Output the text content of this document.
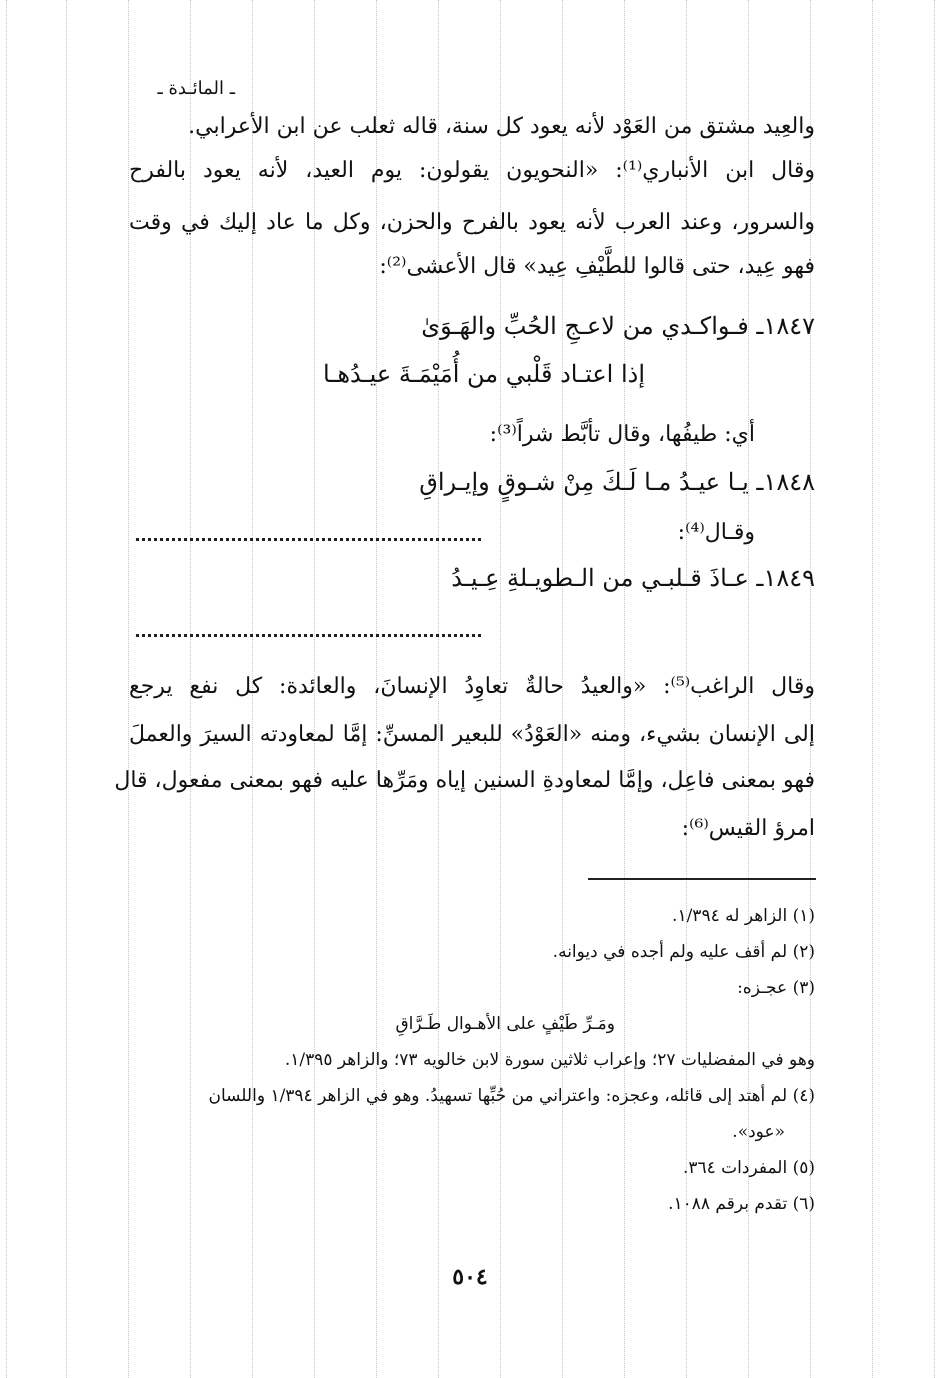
ـ المائـدة ـ
والعِيد مشتق من العَوْد لأنه يعود كل سنة، قاله ثعلب عن ابن الأعرابي.
وقال ابن الأنباري⁽¹⁾: «النحويون يقولون: يوم العيد، لأنه يعود بالفرح
والسرور، وعند العرب لأنه يعود بالفرح والحزن، وكل ما عاد إليك في وقت
فهو عِيد، حتى قالوا للطَّيْفِ عِيد» قال الأعشى⁽²⁾:
١٨٤٧ـ فـواكـدي من لاعـجِ الحُبِّ والهَـوَىٰ
إذا اعتـاد قَلْبي من أُمَيْمَـةَ عيـدُهـا
أي: طيفُها، وقال تأبَّط شراً⁽³⁾:
١٨٤٨ـ يـا عيـدُ مـا لَـكَ مِنْ شـوقٍ وإيـراقِ
وقـال⁽⁴⁾:
١٨٤٩ـ عـاذَ قـلبـي من الـطويـلةِ عِـيـدُ
وقال الراغب⁽⁵⁾: «والعيدُ حالةٌ تعاوِدُ الإنسانَ، والعائدة: كل نفع يرجع
إلى الإنسان بشيء، ومنه «العَوْدُ» للبعير المسنِّ: إمَّا لمعاودته السيرَ والعملَ
فهو بمعنى فاعِل، وإمَّا لمعاودةِ السنين إياه ومَرِّها عليه فهو بمعنى مفعول، قال
امرؤ القيس⁽⁶⁾:
(١) الزاهر له ١/٣٩٤.
(٢) لم أقف عليه ولم أجده في ديوانه.
(٣) عجـزه:
ومَـرِّ طَيْفٍ على الأهـوال طَـرَّاقِ
وهو في المفضليات ٢٧؛ وإعراب ثلاثين سورة لابن خالويه ٧٣؛ والزاهر ١/٣٩٥.
(٤) لم أهتد إلى قائله، وعجزه: واعتراني من حُبِّها تسهيدُ. وهو في الزاهر ١/٣٩٤ واللسان
«عود».
(٥) المفردات ٣٦٤.
(٦) تقدم برقم ١٠٨٨.
٥٠٤
